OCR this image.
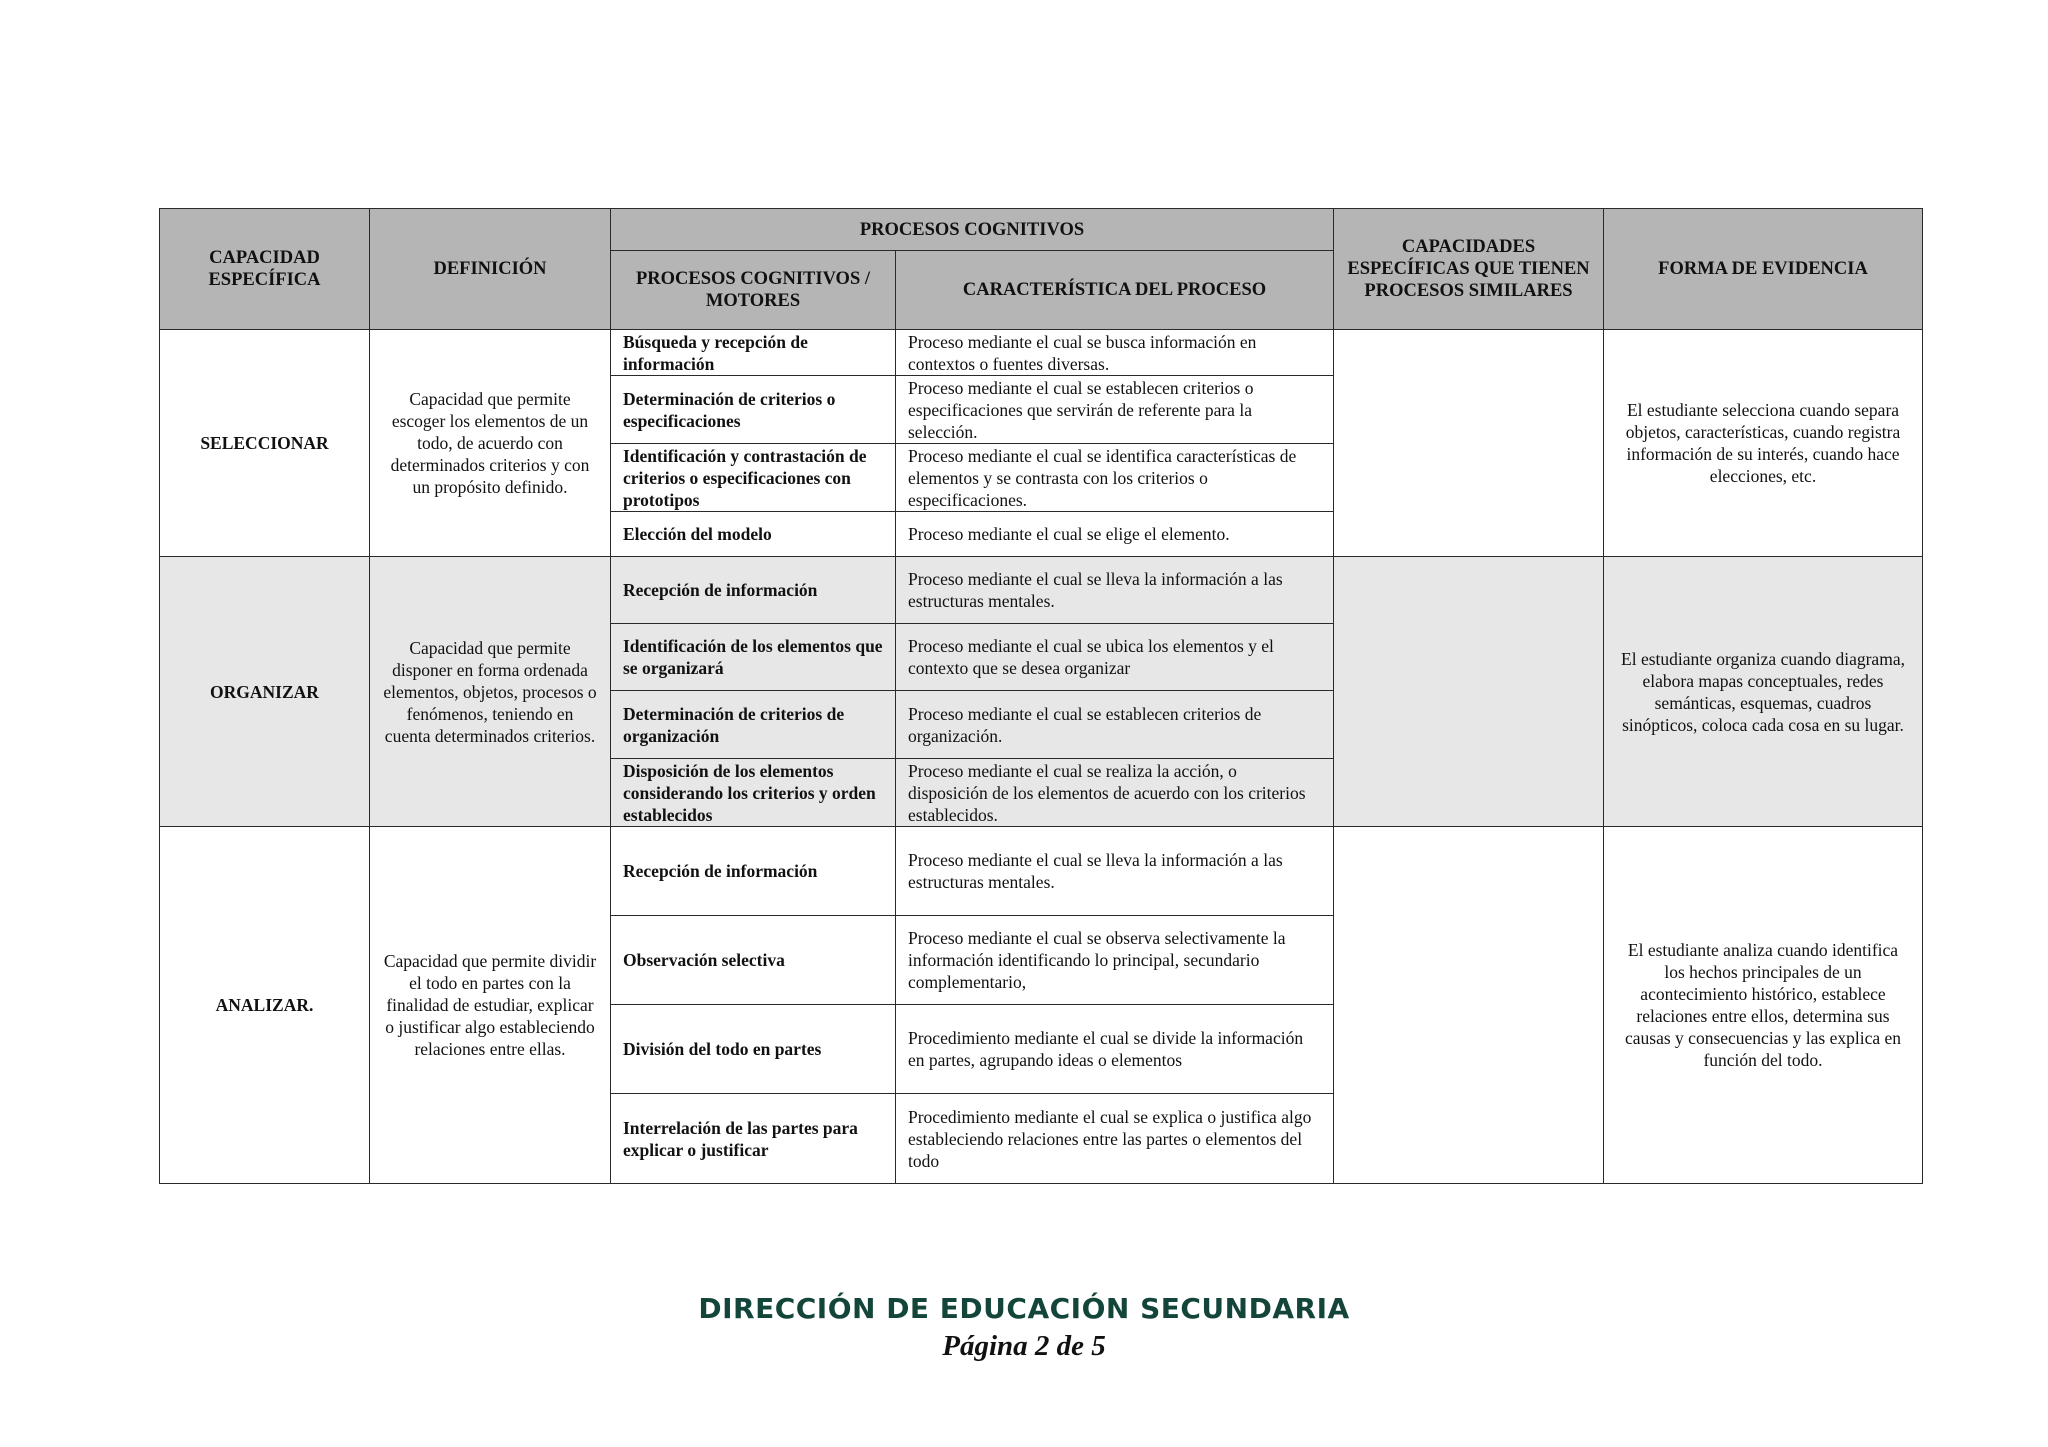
CAPACIDAD ESPECÍFICA	DEFINICIÓN	PROCESOS COGNITIVOS		CAPACIDADES ESPECÍFICAS QUE TIENEN PROCESOS SIMILARES	FORMA DE EVIDENCIA
		PROCESOS COGNITIVOS / MOTORES	CARACTERÍSTICA DEL PROCESO		
SELECCIONAR	Capacidad que permite escoger los elementos de un todo, de acuerdo con determinados criterios y con un propósito definido.	Búsqueda y recepción de información	Proceso mediante el cual se busca información en contextos o fuentes diversas.		El estudiante selecciona cuando separa objetos, características, cuando registra información de su interés, cuando hace elecciones, etc.
		Determinación de criterios o especificaciones	Proceso mediante el cual se establecen criterios o especificaciones que servirán de referente para la selección.		
		Identificación y contrastación de criterios o especificaciones con prototipos	Proceso mediante el cual se identifica características de elementos y se contrasta con los criterios o especificaciones.		
		Elección del modelo	Proceso mediante el cual se elige el elemento.		
ORGANIZAR	Capacidad que permite disponer en forma ordenada elementos, objetos, procesos o fenómenos, teniendo en cuenta determinados criterios.	Recepción de información	Proceso mediante el cual se lleva la información a las estructuras mentales.		El estudiante organiza cuando diagrama, elabora mapas conceptuales, redes semánticas, esquemas, cuadros sinópticos, coloca cada cosa en su lugar.
		Identificación de los elementos que se organizará	Proceso mediante el cual se ubica los elementos y el contexto que se desea organizar		
		Determinación de criterios de organización	Proceso mediante el cual se establecen criterios de organización.		
		Disposición de los elementos considerando los criterios y orden establecidos	Proceso mediante el cual se realiza la acción, o disposición de los elementos de acuerdo con los criterios establecidos.		
ANALIZAR.	Capacidad que permite dividir el todo en partes con la finalidad de estudiar, explicar o justificar algo estableciendo relaciones entre ellas.	Recepción de información	Proceso mediante el cual se lleva la información a las estructuras mentales.		El estudiante analiza cuando identifica los hechos principales de un acontecimiento histórico, establece relaciones entre ellos, determina sus causas y consecuencias y las explica en función del todo.
		Observación selectiva	Proceso mediante el cual se observa selectivamente la información identificando lo principal, secundario complementario,		
		División del todo en partes	Procedimiento mediante el cual se divide la información en partes, agrupando ideas o elementos		
		Interrelación de las partes para explicar o justificar	Procedimiento mediante el cual se explica o justifica algo estableciendo relaciones entre las partes o elementos del todo		
DIRECCIÓN DE EDUCACIÓN SECUNDARIA
Página 2 de 5
